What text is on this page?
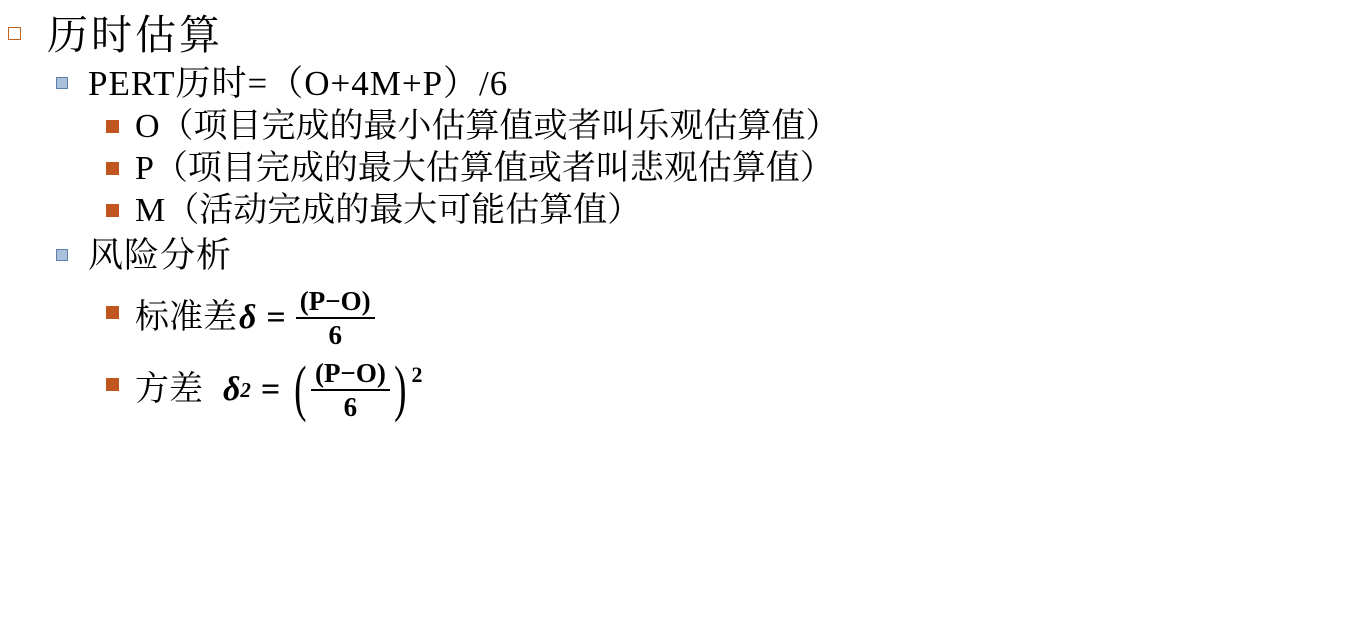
历时估算
PERT历时=（O+4M+P）/6
O（项目完成的最小估算值或者叫乐观估算值）
P（项目完成的最大估算值或者叫悲观估算值）
M（活动完成的最大可能估算值）
风险分析
标准差 $\delta = \frac{(P-O)}{6}$
方差 δ 2 = ( $\frac{(P-O)}{6}$ ) 2
